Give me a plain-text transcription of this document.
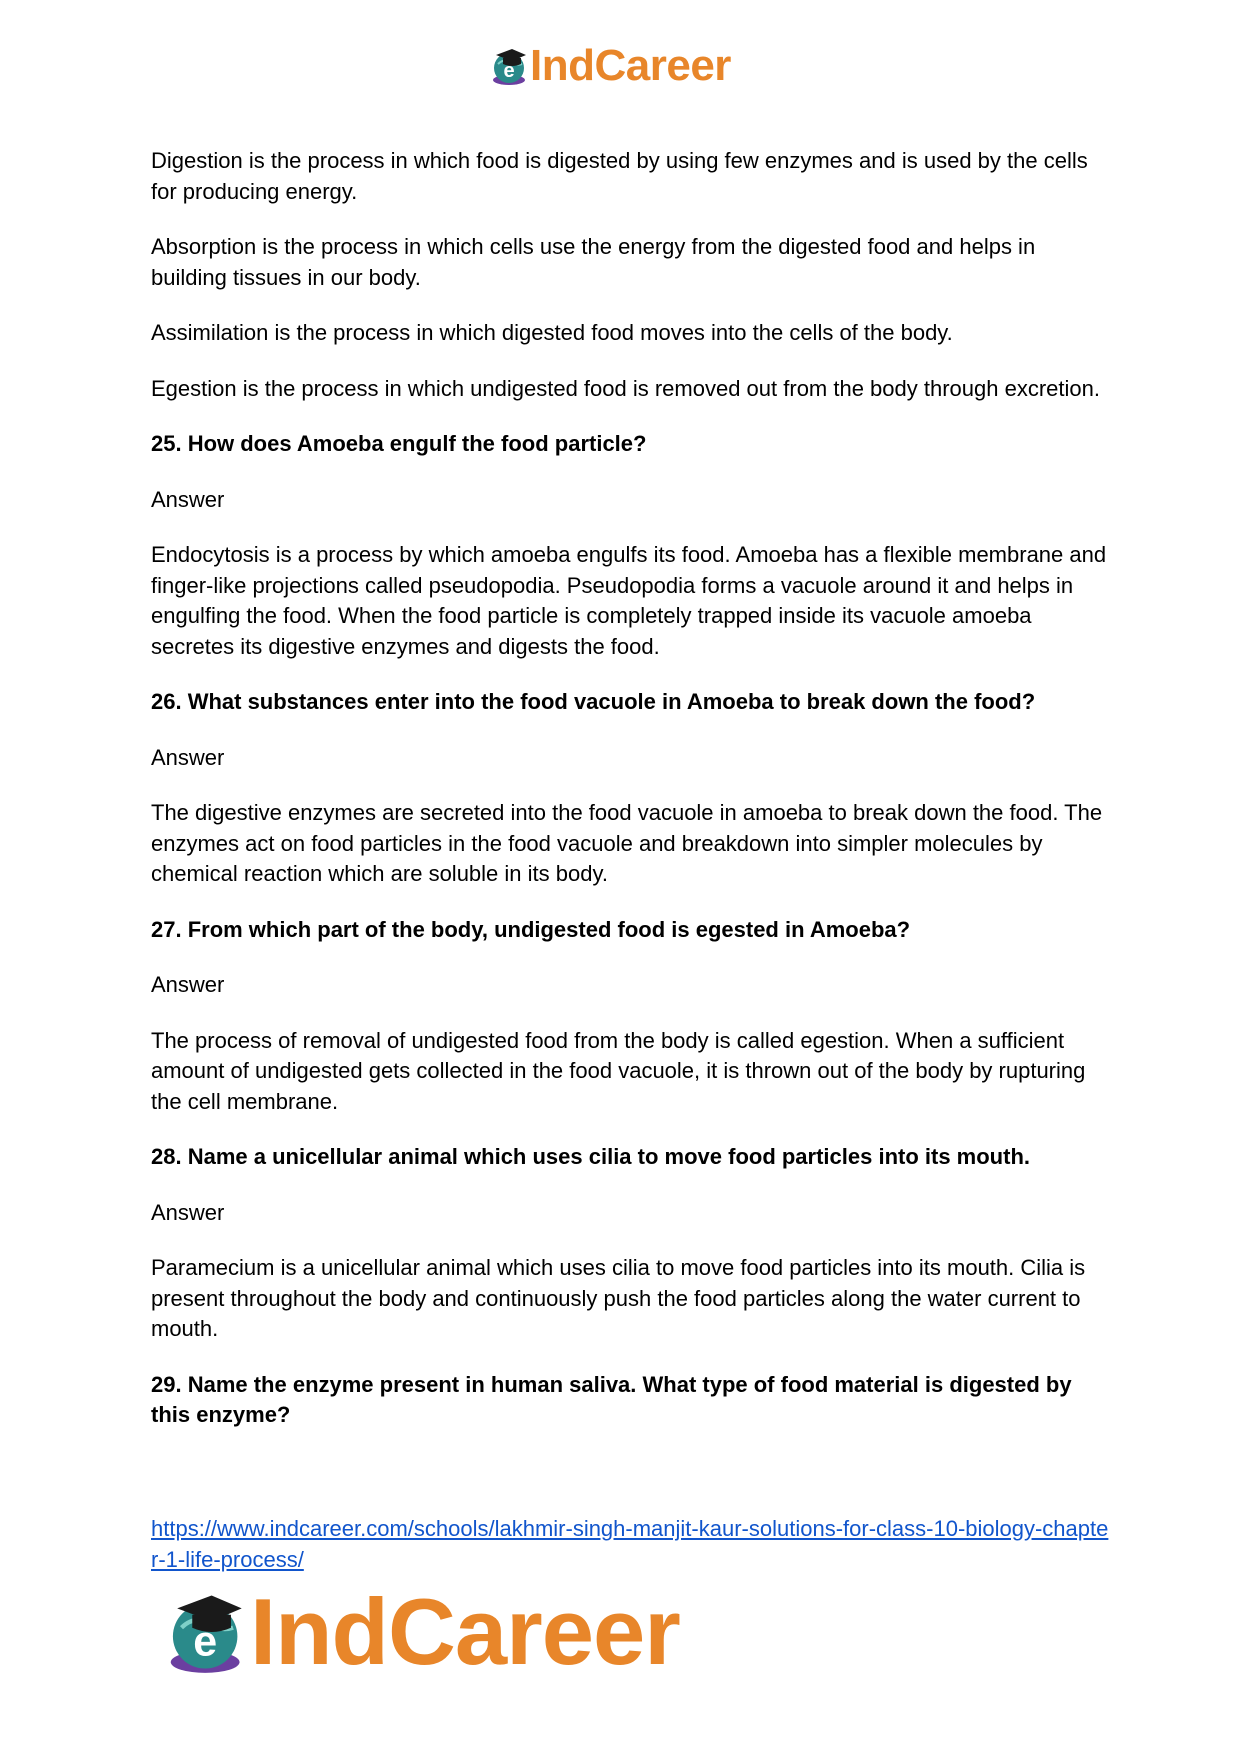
e IndCareer

Digestion is the process in which food is digested by using few enzymes and is used by the cells for producing energy.

Absorption is the process in which cells use the energy from the digested food and helps in building tissues in our body.

Assimilation is the process in which digested food moves into the cells of the body.

Egestion is the process in which undigested food is removed out from the body through excretion.

25. How does Amoeba engulf the food particle?

Answer

Endocytosis is a process by which amoeba engulfs its food. Amoeba has a flexible membrane and finger-like projections called pseudopodia. Pseudopodia forms a vacuole around it and helps in engulfing the food. When the food particle is completely trapped inside its vacuole amoeba secretes its digestive enzymes and digests the food.

26. What substances enter into the food vacuole in Amoeba to break down the food?

Answer

The digestive enzymes are secreted into the food vacuole in amoeba to break down the food. The enzymes act on food particles in the food vacuole and breakdown into simpler molecules by chemical reaction which are soluble in its body.

27. From which part of the body, undigested food is egested in Amoeba?

Answer

The process of removal of undigested food from the body is called egestion. When a sufficient amount of undigested gets collected in the food vacuole, it is thrown out of the body by rupturing the cell membrane.

28. Name a unicellular animal which uses cilia to move food particles into its mouth.

Answer

Paramecium is a unicellular animal which uses cilia to move food particles into its mouth. Cilia is present throughout the body and continuously push the food particles along the water current to mouth.

29. Name the enzyme present in human saliva. What type of food material is digested by this enzyme?

https://www.indcareer.com/schools/lakhmir-singh-manjit-kaur-solutions-for-class-10-biology-chapter-1-life-process/
e IndCareer
